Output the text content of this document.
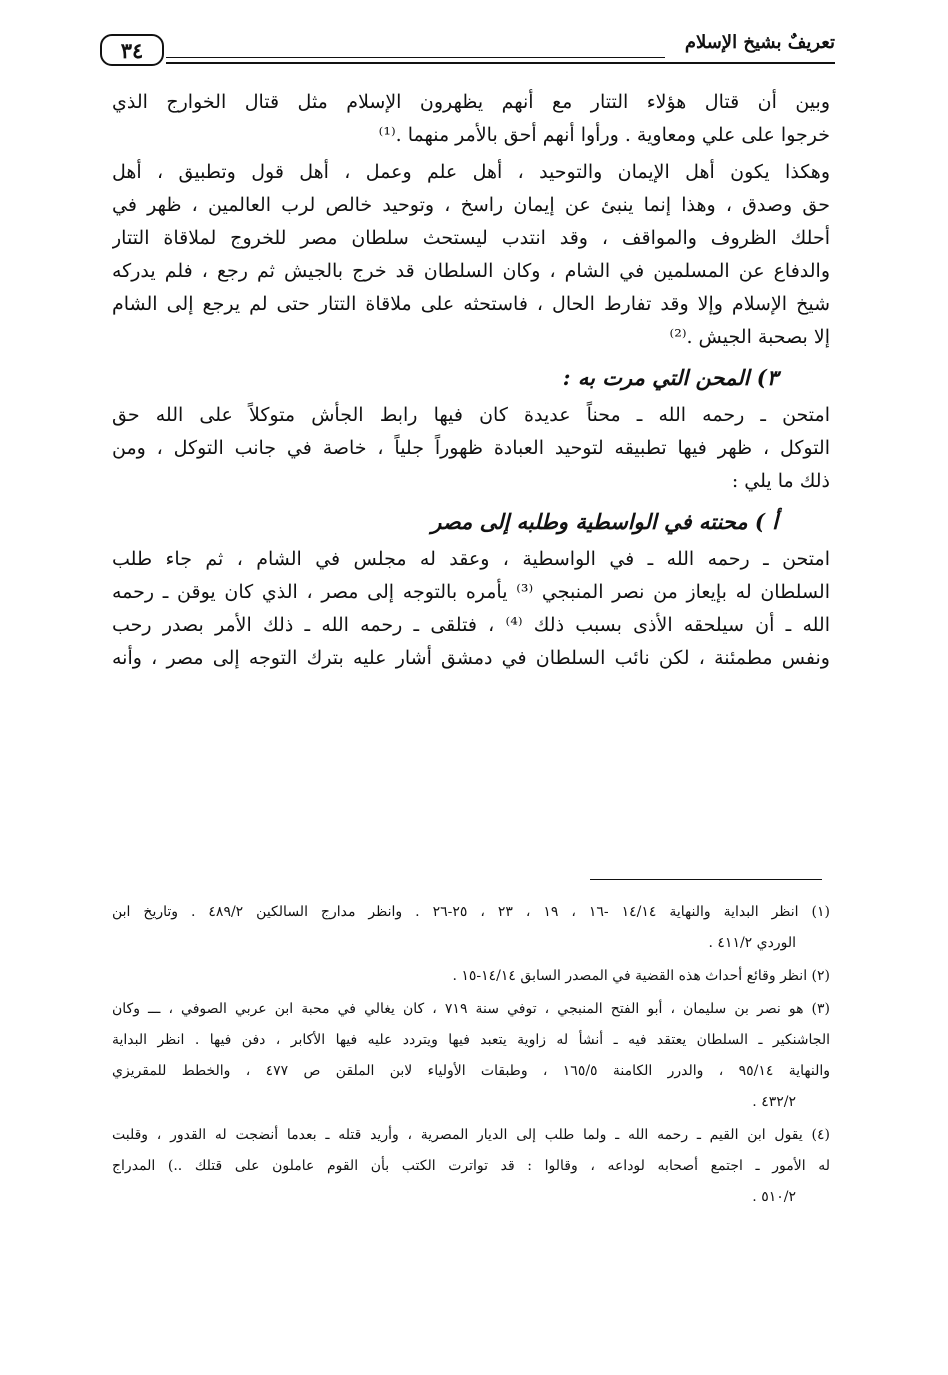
٣٤	تعريفٌ بشيخ الإسلام
وبين أن قتال هؤلاء التتار مع أنهم يظهرون الإسلام مثل قتال الخوارج الذي
خرجوا على علي ومعاوية . ورأوا أنهم أحق بالأمر منهما .⁽¹⁾
وهكذا يكون أهل الإيمان والتوحيد ، أهل علم وعمل ، أهل قول وتطبيق ، أهل
حق وصدق ، وهذا إنما ينبئ عن إيمان راسخ ، وتوحيد خالص لرب العالمين ، ظهر في
أحلك الظروف والمواقف ، وقد انتدب ليستحث سلطان مصر للخروج لملاقاة التتار
والدفاع عن المسلمين في الشام ، وكان السلطان قد خرج بالجيش ثم رجع ، فلم يدركه
شيخ الإسلام وإلا وقد تفارط الحال ، فاستحثه على ملاقاة التتار حتى لم يرجع إلى الشام
إلا بصحبة الجيش .⁽²⁾
٣) المحن التي مرت به :
امتحن ـ رحمه الله ـ محناً عديدة كان فيها رابط الجأش متوكلاً على الله حق
التوكل ، ظهر فيها تطبيقه لتوحيد العبادة ظهوراً جلياً ، خاصة في جانب التوكل ، ومن
ذلك ما يلي :
أ ) محنته في الواسطية وطلبه إلى مصر
امتحن ـ رحمه الله ـ في الواسطية ، وعقد له مجلس في الشام ، ثم جاء طلب
السلطان له بإيعاز من نصر المنبجي ⁽³⁾ يأمره بالتوجه إلى مصر ، الذي كان يوقن ـ رحمه
الله ـ أن سيلحقه الأذى بسبب ذلك ⁽⁴⁾ ، فتلقى ـ رحمه الله ـ ذلك الأمر بصدر رحب
ونفس مطمئنة ، لكن نائب السلطان في دمشق أشار عليه بترك التوجه إلى مصر ، وأنه
(١) انظر البداية والنهاية ١٤/١٤ -١٦ ، ١٩ ، ٢٣ ، ٢٥-٢٦ . وانظر مدارج السالكين ٤٨٩/٢ . وتاريخ ابن
الوردي ٤١١/٢ .
(٢) انظر وقائع أحداث هذه القضية في المصدر السابق ١٤/١٤-١٥ .
(٣) هو نصر بن سليمان ، أبو الفتح المنبجي ، توفي سنة ٧١٩ ، كان يغالي في محبة ابن عربي الصوفي ، ـــ وكان
الجاشنكير ـ السلطان يعتقد فيه ـ أنشأ له زاوية يتعبد فيها ويتردد عليه فيها الأكابر ، دفن فيها . انظر البداية
والنهاية ٩٥/١٤ ، والدرر الكامنة ١٦٥/٥ ، وطبقات الأولياء لابن الملقن ص ٤٧٧ ، والخطط للمقريزي
٤٣٢/٢ .
(٤) يقول ابن القيم ـ رحمه الله ـ ولما طلب إلى الديار المصرية ، وأريد قتله ـ بعدما أنضجت له القدور ، وقلبت
له الأمور ـ اجتمع أصحابه لوداعه ، وقالوا : قد تواترت الكتب بأن القوم عاملون على قتلك ..) المدراج
٥١٠/٢ .
